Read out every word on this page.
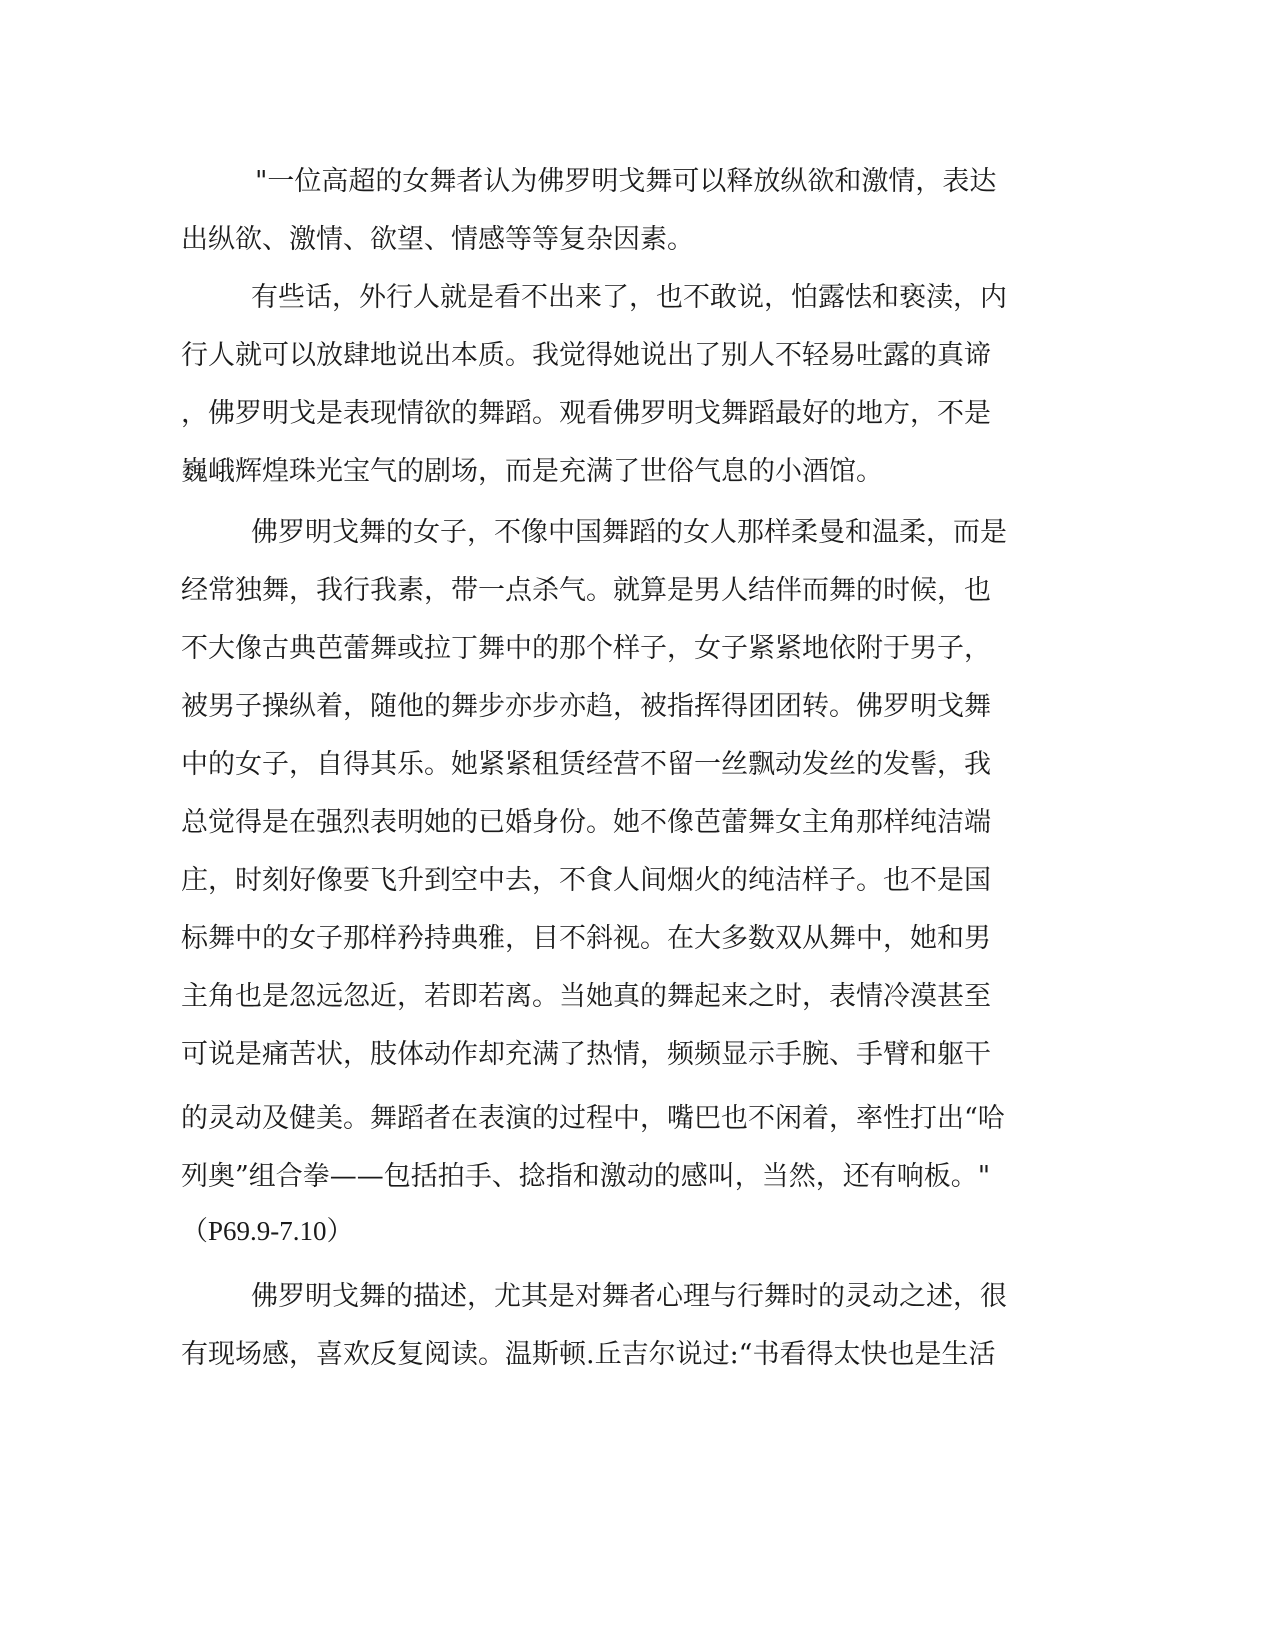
"一位高超的女舞者认为佛罗明戈舞可以释放纵欲和激情，表达
出纵欲、激情、欲望、情感等等复杂因素。
有些话，外行人就是看不出来了，也不敢说，怕露怯和亵渎，内
行人就可以放肆地说出本质。我觉得她说出了别人不轻易吐露的真谛
，佛罗明戈是表现情欲的舞蹈。观看佛罗明戈舞蹈最好的地方，不是
巍峨辉煌珠光宝气的剧场，而是充满了世俗气息的小酒馆。
佛罗明戈舞的女子，不像中国舞蹈的女人那样柔曼和温柔，而是
经常独舞，我行我素，带一点杀气。就算是男人结伴而舞的时候，也
不大像古典芭蕾舞或拉丁舞中的那个样子，女子紧紧地依附于男子，
被男子操纵着，随他的舞步亦步亦趋，被指挥得团团转。佛罗明戈舞
中的女子，自得其乐。她紧紧租赁经营不留一丝飘动发丝的发髻，我
总觉得是在强烈表明她的已婚身份。她不像芭蕾舞女主角那样纯洁端
庄，时刻好像要飞升到空中去，不食人间烟火的纯洁样子。也不是国
标舞中的女子那样矜持典雅，目不斜视。在大多数双从舞中，她和男
主角也是忽远忽近，若即若离。当她真的舞起来之时，表情冷漠甚至
可说是痛苦状，肢体动作却充满了热情，频频显示手腕、手臂和躯干
的灵动及健美。舞蹈者在表演的过程中，嘴巴也不闲着，率性打出“哈
列奥”组合拳——包括拍手、捻指和激动的感叫，当然，还有响板。"
（P69.9-7.10）
佛罗明戈舞的描述，尤其是对舞者心理与行舞时的灵动之述，很
有现场感，喜欢反复阅读。温斯顿.丘吉尔说过:“书看得太快也是生活
